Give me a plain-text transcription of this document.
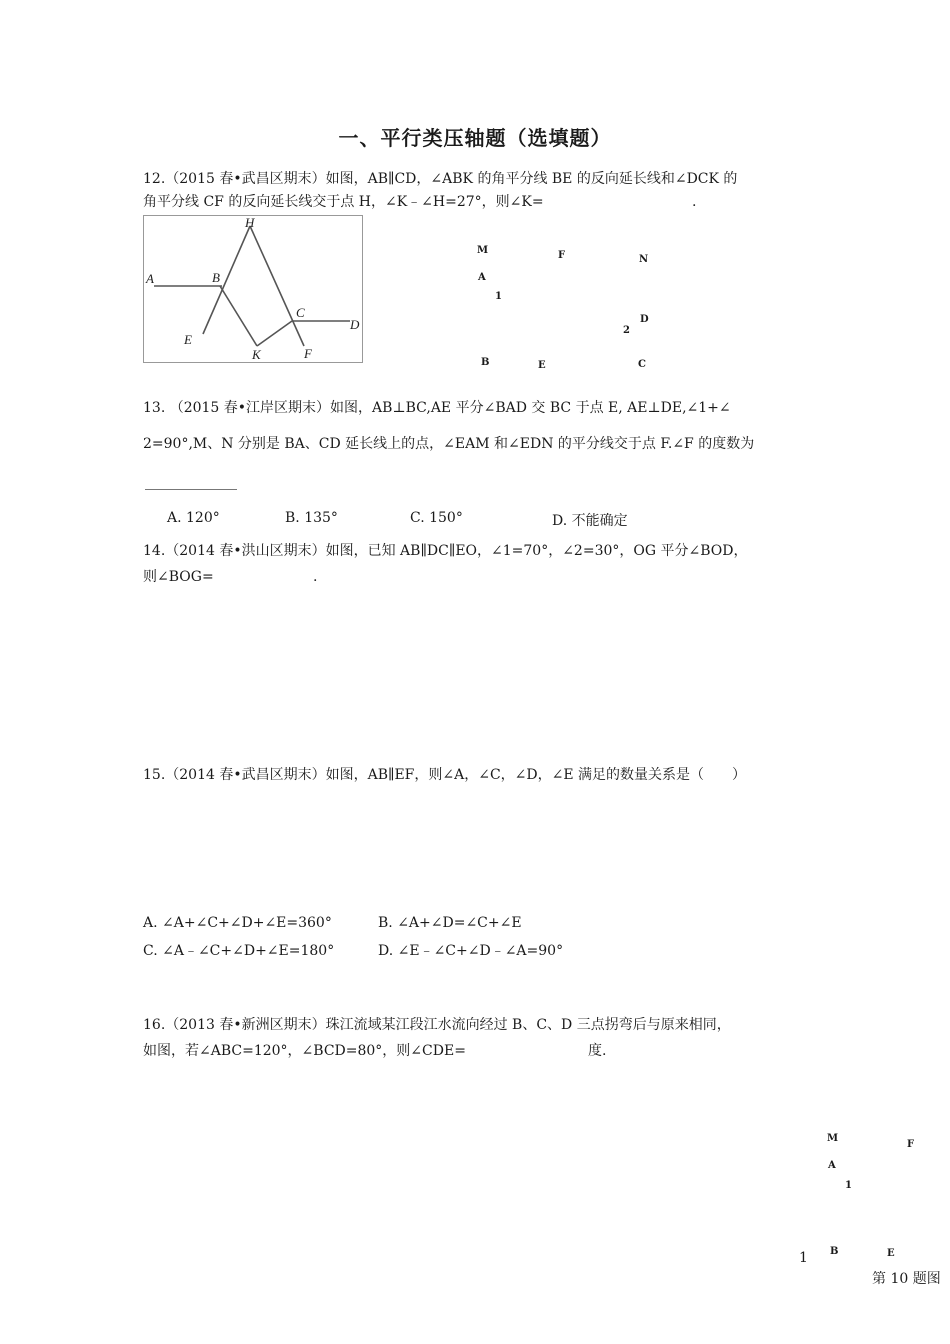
一、平行类压轴题（选填题）
12.（2015 春•武昌区期末）如图，AB∥CD，∠ABK 的角平分线 BE 的反向延长线和∠DCK 的
角平分线 CF 的反向延长线交于点 H，∠K﹣∠H=27°，则∠K=	.
A	B
C
D
E
F
H
K
M	F	N
A
1
D
2
B	E	C
13. （2015 春•江岸区期末）如图，AB⊥BC,AE 平分∠BAD 交 BC 于点 E, AE⊥DE,∠1+∠
2=90°,M、N 分别是 BA、CD 延长线上的点，∠EAM 和∠EDN 的平分线交于点 F.∠F 的度数为
A. 120°	B. 135°	C. 150°	D. 不能确定
14.（2014 春•洪山区期末）如图，已知 AB∥DC∥EO，∠1=70°，∠2=30°，OG 平分∠BOD，
则∠BOG=	.
15.（2014 春•武昌区期末）如图，AB∥EF，则∠A，∠C，∠D，∠E 满足的数量关系是（　　）
A. ∠A+∠C+∠D+∠E=360°	B. ∠A+∠D=∠C+∠E
C. ∠A﹣∠C+∠D+∠E=180°	D. ∠E﹣∠C+∠D﹣∠A=90°
16.（2013 春•新洲区期末）珠江流域某江段江水流向经过 B、C、D 三点拐弯后与原来相同，
如图，若∠ABC=120°，∠BCD=80°，则∠CDE=	度.
M
F
A
1
B	E
1
第 10 题图
